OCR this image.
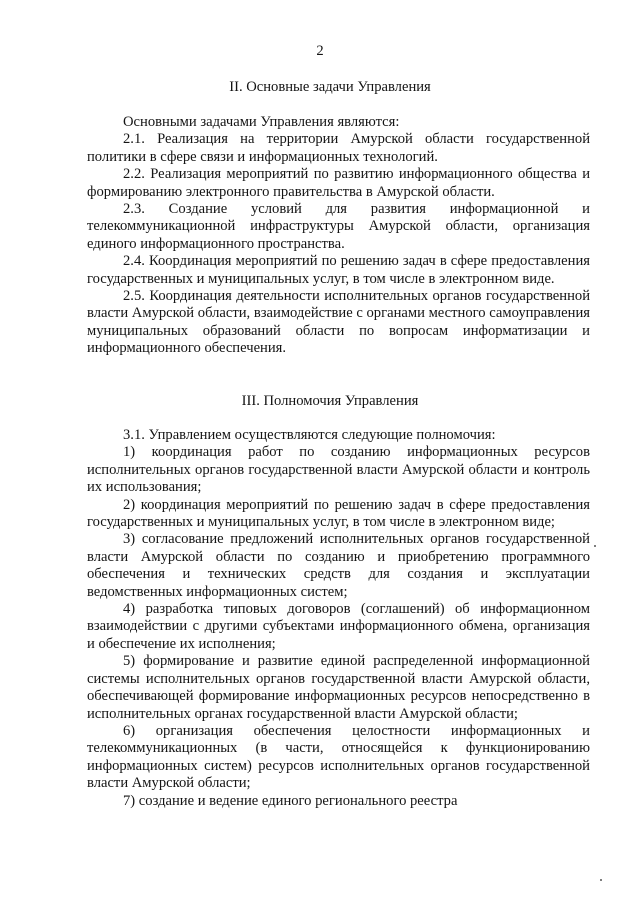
2
II. Основные задачи Управления

Основными задачами Управления являются:

2.1. Реализация на территории Амурской области государственной политики в сфере связи и информационных технологий.

2.2. Реализация мероприятий по развитию информационного общества и формированию электронного правительства в Амурской области.

2.3. Создание условий для развития информационной и телекоммуникационной инфраструктуры Амурской области, организация единого информационного пространства.

2.4. Координация мероприятий по решению задач в сфере предоставления государственных и муниципальных услуг, в том числе в электронном виде.

2.5. Координация деятельности исполнительных органов государственной власти Амурской области, взаимодействие с органами местного самоуправления муниципальных образований области по вопросам информатизации и информационного обеспечения.

III. Полномочия Управления

3.1. Управлением осуществляются следующие полномочия:

1) координация работ по созданию информационных ресурсов исполнительных органов государственной власти Амурской области и контроль их использования;

2) координация мероприятий по решению задач в сфере предоставления государственных и муниципальных услуг, в том числе в электронном виде;

3) согласование предложений исполнительных органов государственной власти Амурской области по созданию и приобретению программного обеспечения и технических средств для создания и эксплуатации ведомственных информационных систем;

4) разработка типовых договоров (соглашений) об информационном взаимодействии с другими субъектами информационного обмена, организация и обеспечение их исполнения;

5) формирование и развитие единой распределенной информационной системы исполнительных органов государственной власти Амурской области, обеспечивающей формирование информационных ресурсов непосредственно в исполнительных органах государственной власти Амурской области;

6) организация обеспечения целостности информационных и телекоммуникационных (в части, относящейся к функционированию информационных систем) ресурсов исполнительных органов государственной власти Амурской области;

7) создание и ведение единого регионального реестра
